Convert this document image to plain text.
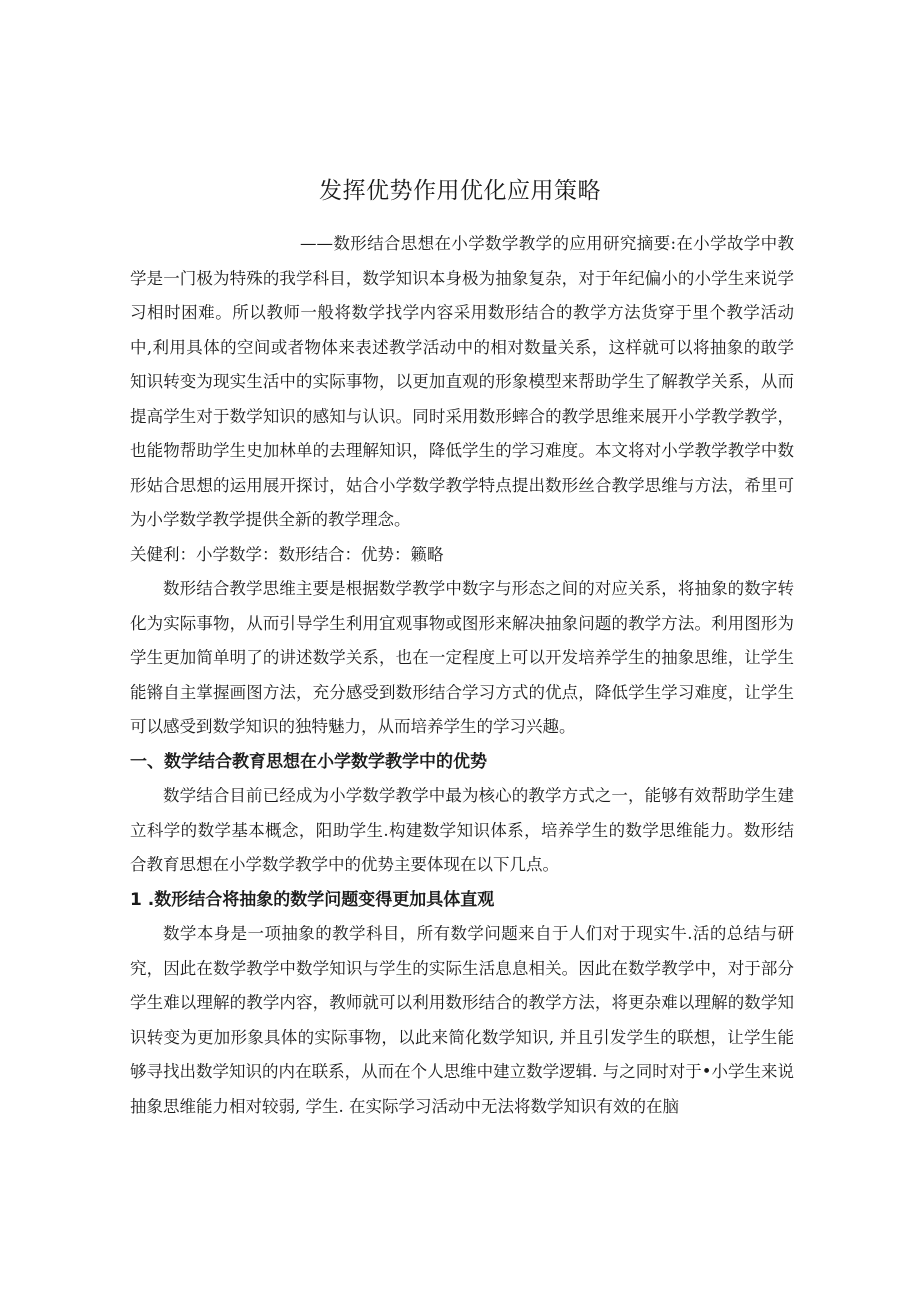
发挥优势作用优化应用策略

——数形结合思想在小学数学教学的应用研究摘要:在小学故学中教学是一门极为特殊的我学科目，数学知识本身极为抽象复杂，对于年纪偏小的小学生来说学习相时困难。所以教师一般将数学找学内容采用数形结合的教学方法货穿于里个教学活动中,利用具体的空间或者物体来表述教学活动中的相对数量关系，这样就可以将抽象的敢学知识转变为现实生活中的实际事物，以更加直观的形象模型来帮助学生了解教学关系，从而提高学生对于数学知识的感知与认识。同时采用数形蟀合的教学思维来展开小学教学教学，也能物帮助学生史加林单的去理解知识，降低学生的学习难度。本文将对小学教学教学中数形姑合思想的运用展开探讨，姑合小学数学教学特点提出数形丝合教学思维与方法，希里可为小学数学教学提供全新的教学理念。

关健利：小学数学：数形结合：优势：籁略

数形结合教学思维主要是根据数学教学中数字与形态之间的对应关系，将抽象的数字转化为实际事物，从而引导学生利用宜观事物或图形来解决抽象问题的教学方法。利用图形为学生更加简单明了的讲述数学关系，也在一定程度上可以开发培养学生的抽象思维，让学生能锵自主掌握画图方法，充分感受到数形结合学习方式的优点，降低学生学习难度，让学生可以感受到数学知识的独特魅力，从而培养学生的学习兴趣。

一、数学结合教育思想在小学数学教学中的优势

数学结合目前已经成为小学数学教学中最为核心的教学方式之一，能够有效帮助学生建立科学的数学基本概念，阳助学生.构建数学知识体系，培养学生的数学思维能力。数形结合教育思想在小学数学教学中的优势主要体现在以下几点。

1 .数形结合将抽象的数学问题变得更加具体直观

数学本身是一项抽象的教学科目，所有数学问题来自于人们对于现实牛.活的总结与研究，因此在数学教学中数学知识与学生的实际生活息息相关。因此在数学教学中，对于部分学生难以理解的教学内容，教师就可以利用数形结合的教学方法，将更杂难以理解的数学知识转变为更加形象具体的实际事物，以此来简化数学知识, 并且引发学生的联想，让学生能够寻找出数学知识的内在联系，从而在个人思维中建立数学逻辑. 与之同时对于•小学生来说抽象思维能力相对较弱, 学生. 在实际学习活动中无法将数学知识有效的在脑
